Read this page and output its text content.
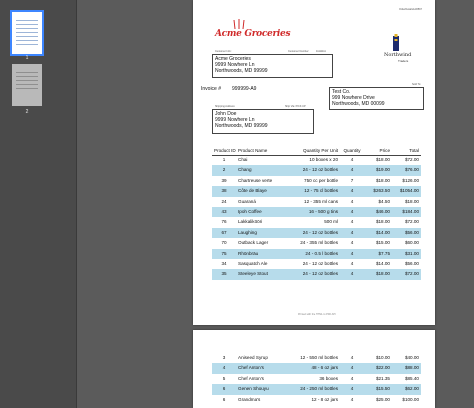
1
2
OrderDetails1AFB67
Acme Groceries
Northwind
Traders
Customer Info:	Customer Number:	11111111
Acme Groceries
9999 Nowhere Ln
Northwoods, MD 99999
Sold To:
Test Co.
999 Nowhere Drive
Northwoods, MD 00099
Invoice # 999999-A9
Shipping Address:	Ship Via: PICK UP
John Doe
9999 Nowhere Ln
Northwoods, MD 99999
Product ID	Product Name	Quantity Per Unit	Quantity	Price	Total
1	Chai	10 boxes x 20	4	$18.00	$72.00
2	Chang	24 - 12 oz bottles	4	$19.00	$76.00
39	Chartreuse verte	750 cc per bottle	7	$18.00	$126.00
38	Côte de Blaye	12 - 75 cl bottles	4	$263.50	$1054.00
24	Guaraná	12 - 355 ml cans	4	$4.50	$18.00
43	Ipoh Coffee	16 - 500 g tins	4	$46.00	$184.00
76	Lakkalikööri	500 ml	4	$18.00	$72.00
67	Laughing	24 - 12 oz bottles	4	$14.00	$56.00
70	Outback Lager	24 - 355 ml bottles	4	$15.00	$60.00
75	Rhönbräu	24 - 0.5 l bottles	4	$7.75	$31.00
34	Sasquatch Ale	24 - 12 oz bottles	4	$14.00	$56.00
35	Steeleye Stout	24 - 12 oz bottles	4	$18.00	$72.00
Printed with the HTML to PDF API
3	Aniseed Syrup	12 - 550 ml bottles	4	$10.00	$40.00
4	Chef Anton's	48 - 6 oz jars	4	$22.00	$88.00
5	Chef Anton's	36 boxes	4	$21.35	$85.40
6	Genen Shouyu	24 - 250 ml bottles	4	$15.50	$62.00
6	Grandma's	12 - 8 oz jars	4	$25.00	$100.00
